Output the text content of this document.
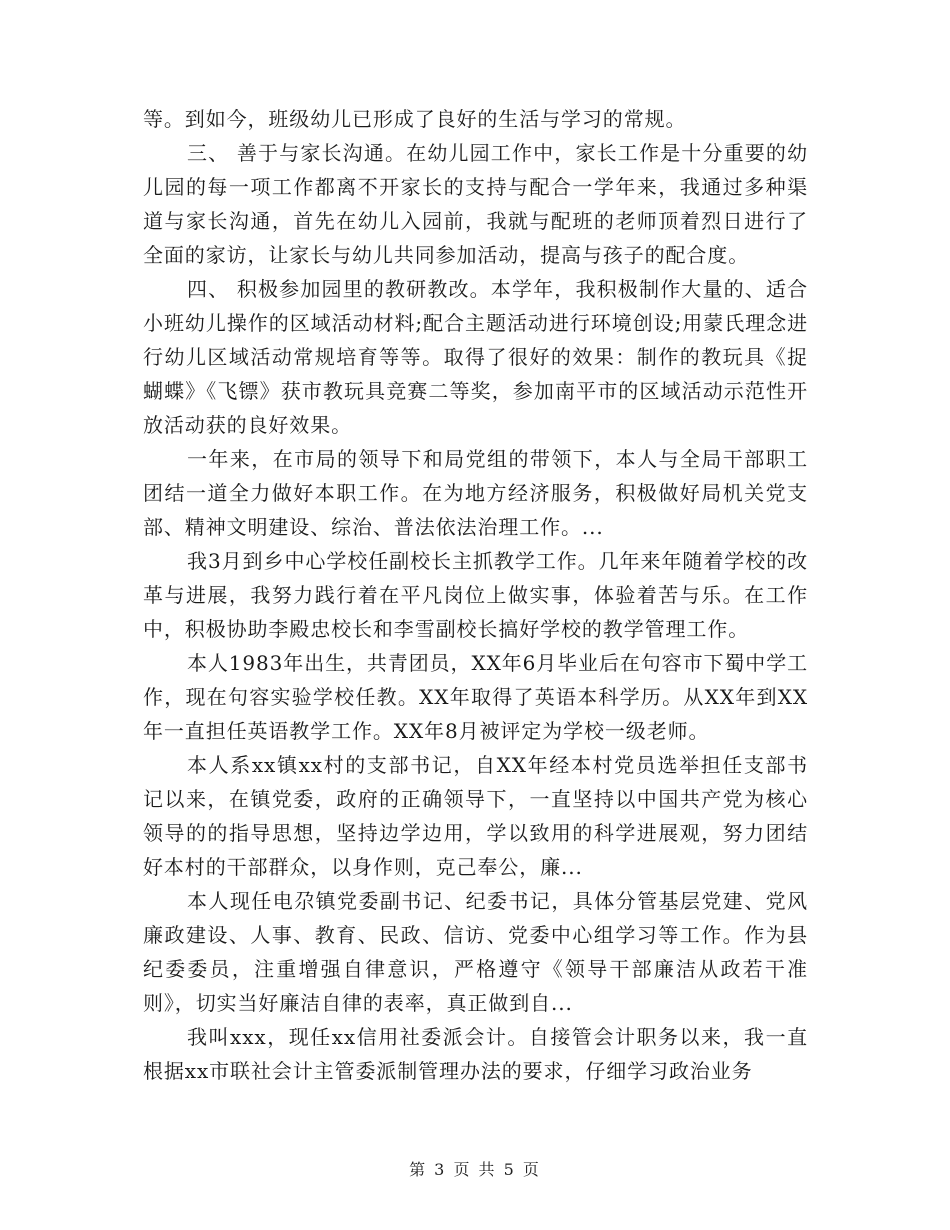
等。到如今，班级幼儿已形成了良好的生活与学习的常规。

三、 善于与家长沟通。在幼儿园工作中，家长工作是十分重要的幼儿园的每一项工作都离不开家长的支持与配合一学年来，我通过多种渠道与家长沟通，首先在幼儿入园前，我就与配班的老师顶着烈日进行了全面的家访，让家长与幼儿共同参加活动，提高与孩子的配合度。

四、 积极参加园里的教研教改。本学年，我积极制作大量的、适合小班幼儿操作的区域活动材料;配合主题活动进行环境创设;用蒙氏理念进行幼儿区域活动常规培育等等。取得了很好的效果：制作的教玩具《捉蝴蝶》《飞镖》获市教玩具竞赛二等奖，参加南平市的区域活动示范性开放活动获的良好效果。

一年来，在市局的领导下和局党组的带领下，本人与全局干部职工团结一道全力做好本职工作。在为地方经济服务，积极做好局机关党支部、精神文明建设、综治、普法依法治理工作。...

我3月到乡中心学校任副校长主抓教学工作。几年来年随着学校的改革与进展，我努力践行着在平凡岗位上做实事，体验着苦与乐。在工作中，积极协助李殿忠校长和李雪副校长搞好学校的教学管理工作。

本人1983年出生，共青团员，XX年6月毕业后在句容市下蜀中学工作，现在句容实验学校任教。XX年取得了英语本科学历。从XX年到XX年一直担任英语教学工作。XX年8月被评定为学校一级老师。

本人系xx镇xx村的支部书记，自XX年经本村党员选举担任支部书记以来，在镇党委，政府的正确领导下，一直坚持以中国共产党为核心领导的的指导思想，坚持边学边用，学以致用的科学进展观，努力团结好本村的干部群众，以身作则，克己奉公，廉...

本人现任电尕镇党委副书记、纪委书记，具体分管基层党建、党风廉政建设、人事、教育、民政、信访、党委中心组学习等工作。作为县纪委委员，注重增强自律意识，严格遵守《领导干部廉洁从政若干准则》，切实当好廉洁自律的表率，真正做到自...

我叫xxx，现任xx信用社委派会计。自接管会计职务以来，我一直根据xx市联社会计主管委派制管理办法的要求，仔细学习政治业务

第 3 页 共 5 页
